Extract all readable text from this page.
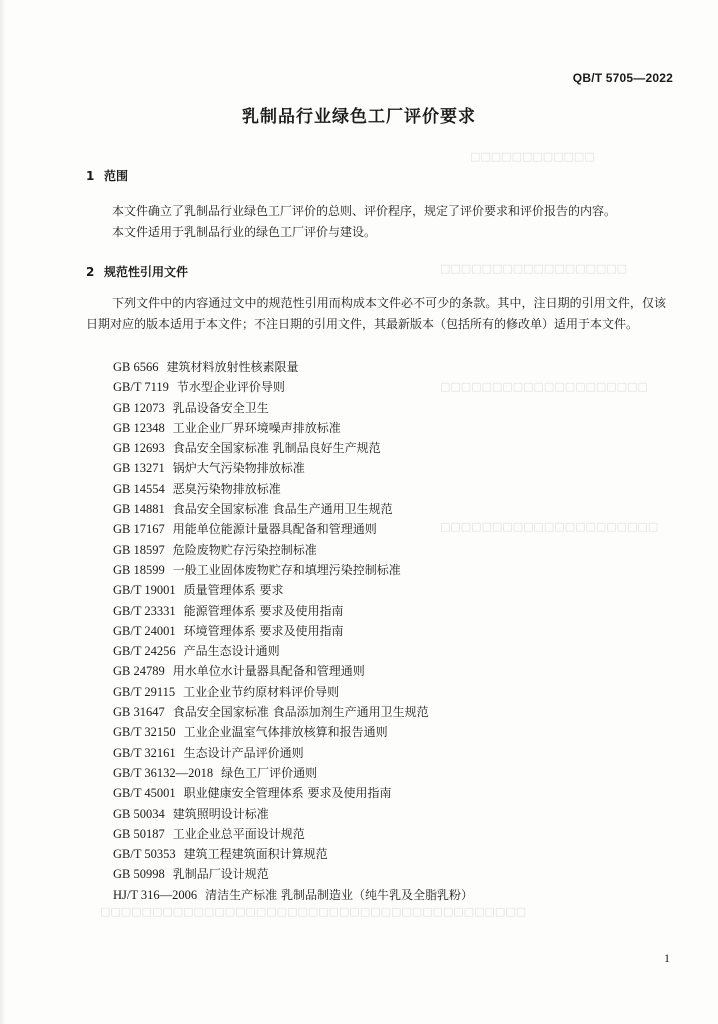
□□□□□□□□□□□□
□□□□□□□□□□□□□□□□□□
□□□□□□□□□□□□□□□□□□□□
□□□□□□□□□□□□□□□□□□□□□
□□□□□□□□□□□□□□□□□□□□□□□□□□□□□□□□□□□□□□□□□
QB/T 5705—2022
乳制品行业绿色工厂评价要求
1 范围
本文件确立了乳制品行业绿色工厂评价的总则、评价程序，规定了评价要求和评价报告的内容。
本文件适用于乳制品行业的绿色工厂评价与建设。
2 规范性引用文件
下列文件中的内容通过文中的规范性引用而构成本文件必不可少的条款。其中，注日期的引用文件，仅该日期对应的版本适用于本文件；不注日期的引用文件，其最新版本（包括所有的修改单）适用于本文件。
GB 6566 建筑材料放射性核素限量
GB/T 7119 节水型企业评价导则
GB 12073 乳品设备安全卫生
GB 12348 工业企业厂界环境噪声排放标准
GB 12693 食品安全国家标准 乳制品良好生产规范
GB 13271 锅炉大气污染物排放标准
GB 14554 恶臭污染物排放标准
GB 14881 食品安全国家标准 食品生产通用卫生规范
GB 17167 用能单位能源计量器具配备和管理通则
GB 18597 危险废物贮存污染控制标准
GB 18599 一般工业固体废物贮存和填埋污染控制标准
GB/T 19001 质量管理体系 要求
GB/T 23331 能源管理体系 要求及使用指南
GB/T 24001 环境管理体系 要求及使用指南
GB/T 24256 产品生态设计通则
GB 24789 用水单位水计量器具配备和管理通则
GB/T 29115 工业企业节约原材料评价导则
GB 31647 食品安全国家标准 食品添加剂生产通用卫生规范
GB/T 32150 工业企业温室气体排放核算和报告通则
GB/T 32161 生态设计产品评价通则
GB/T 36132—2018 绿色工厂评价通则
GB/T 45001 职业健康安全管理体系 要求及使用指南
GB 50034 建筑照明设计标准
GB 50187 工业企业总平面设计规范
GB/T 50353 建筑工程建筑面积计算规范
GB 50998 乳制品厂设计规范
HJ/T 316—2006 清洁生产标准 乳制品制造业（纯牛乳及全脂乳粉）
1
